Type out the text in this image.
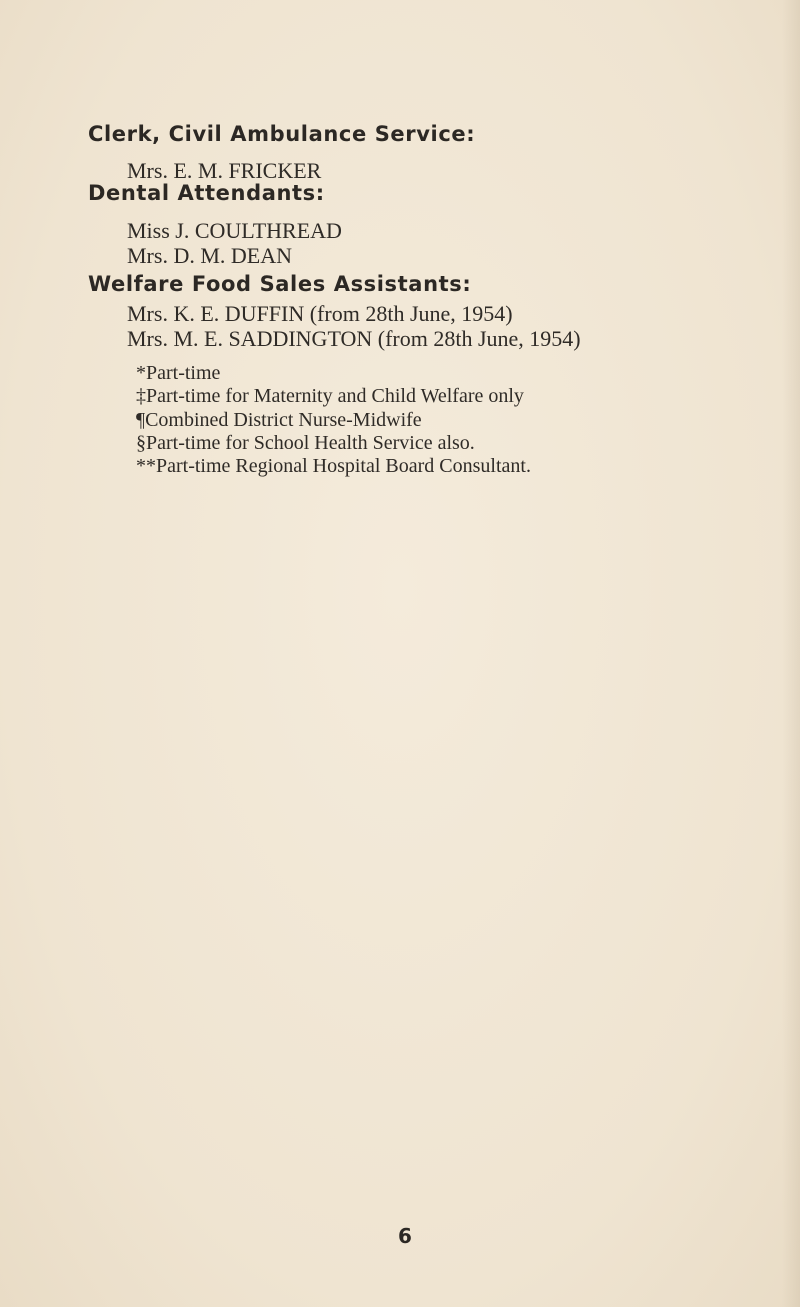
Clerk, Civil Ambulance Service:

Mrs. E. M. FRICKER

Dental Attendants:

Miss J. COULTHREAD

Mrs. D. M. DEAN

Welfare Food Sales Assistants:

Mrs. K. E. DUFFIN (from 28th June, 1954)

Mrs. M. E. SADDINGTON (from 28th June, 1954)

*Part-time

‡Part-time for Maternity and Child Welfare only

¶Combined District Nurse-Midwife

§Part-time for School Health Service also.

**Part-time Regional Hospital Board Consultant.

6
